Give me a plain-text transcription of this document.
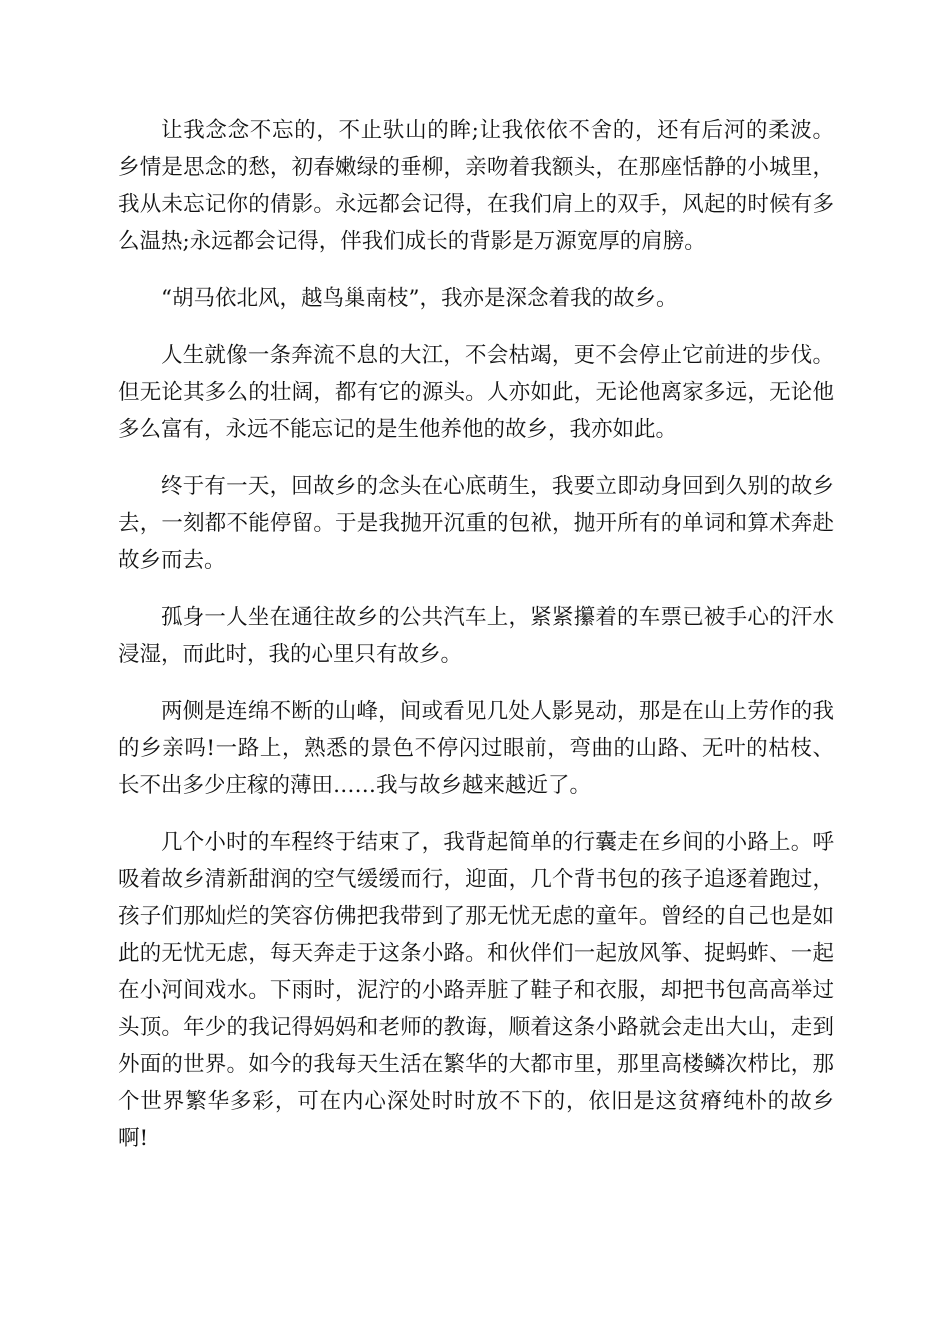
让我念念不忘的，不止驮山的眸;让我依依不舍的，还有后河的柔波。乡情是思念的愁，初春嫩绿的垂柳，亲吻着我额头，在那座恬静的小城里，我从未忘记你的倩影。永远都会记得，在我们肩上的双手，风起的时候有多么温热;永远都会记得，伴我们成长的背影是万源宽厚的肩膀。

“胡马依北风，越鸟巢南枝”，我亦是深念着我的故乡。

人生就像一条奔流不息的大江，不会枯竭，更不会停止它前进的步伐。但无论其多么的壮阔，都有它的源头。人亦如此，无论他离家多远，无论他多么富有，永远不能忘记的是生他养他的故乡，我亦如此。

终于有一天，回故乡的念头在心底萌生，我要立即动身回到久别的故乡去，一刻都不能停留。于是我抛开沉重的包袱，抛开所有的单词和算术奔赴故乡而去。

孤身一人坐在通往故乡的公共汽车上，紧紧攥着的车票已被手心的汗水浸湿，而此时，我的心里只有故乡。

两侧是连绵不断的山峰，间或看见几处人影晃动，那是在山上劳作的我的乡亲吗!一路上，熟悉的景色不停闪过眼前，弯曲的山路、无叶的枯枝、长不出多少庄稼的薄田……我与故乡越来越近了。

几个小时的车程终于结束了，我背起简单的行囊走在乡间的小路上。呼吸着故乡清新甜润的空气缓缓而行，迎面，几个背书包的孩子追逐着跑过，孩子们那灿烂的笑容仿佛把我带到了那无忧无虑的童年。曾经的自己也是如此的无忧无虑，每天奔走于这条小路。和伙伴们一起放风筝、捉蚂蚱、一起在小河间戏水。下雨时，泥泞的小路弄脏了鞋子和衣服，却把书包高高举过头顶。年少的我记得妈妈和老师的教诲，顺着这条小路就会走出大山，走到外面的世界。如今的我每天生活在繁华的大都市里，那里高楼鳞次栉比，那个世界繁华多彩，可在内心深处时时放不下的，依旧是这贫瘠纯朴的故乡啊!
